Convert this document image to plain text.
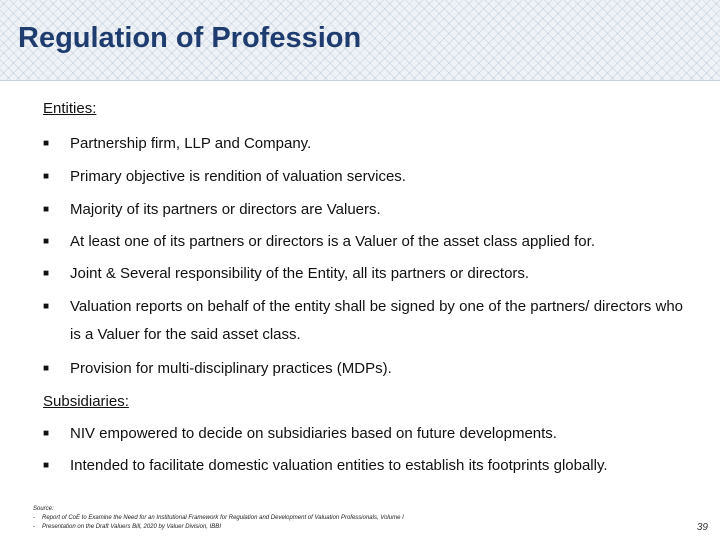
Regulation of Profession
Entities:
■	Partnership firm, LLP and Company.
■	Primary objective is rendition of valuation services.
■	Majority of its partners or directors are Valuers.
■	At least one of its partners or directors is a Valuer of the asset class applied for.
■	Joint & Several responsibility of the Entity, all its partners or directors.
■	Valuation reports on behalf of the entity shall be signed by one of the partners/ directors who is a Valuer for the said asset class.
■	Provision for multi-disciplinary practices (MDPs).
Subsidiaries:
■	NIV empowered to decide on subsidiaries based on future developments.
■	Intended to facilitate domestic valuation entities to establish its footprints globally.
Source:
- Report of CoE to Examine the Need for an Institutional Framework for Regulation and Development of Valuation Professionals, Volume I
- Presentation on the Draft Valuers Bill, 2020 by Valuer Division, IBBI	39
